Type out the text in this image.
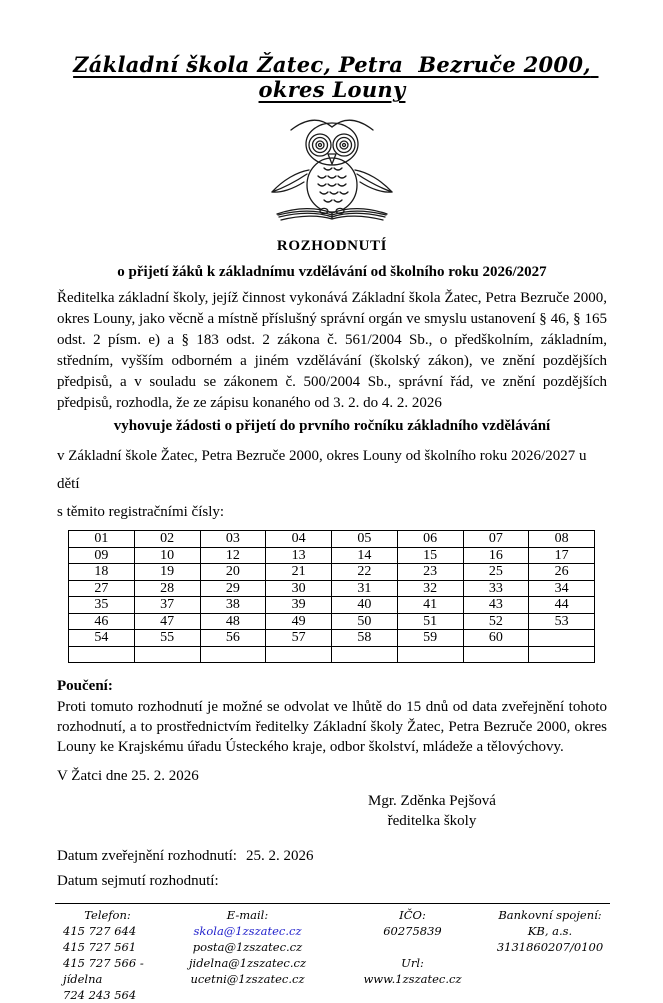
Základní škola Žatec, Petra  Bezruče 2000, okres Louny
ROZHODNUTÍ
o přijetí žáků k základnímu vzdělávání od školního roku 2026/2027
Ředitelka základní školy, jejíž činnost vykonává Základní škola Žatec, Petra Bezruče 2000, okres Louny, jako věcně a místně příslušný správní orgán ve smyslu ustanovení § 46, § 165 odst. 2 písm. e) a § 183 odst. 2 zákona č. 561/2004 Sb., o předškolním, základním, středním, vyšším odborném a jiném vzdělávání (školský zákon), ve znění pozdějších předpisů, a v souladu se zákonem č. 500/2004 Sb., správní řád, ve znění pozdějších předpisů, rozhodla, že ze zápisu konaného od 3. 2. do 4. 2. 2026
vyhovuje žádosti o přijetí do prvního ročníku základního vzdělávání
v Základní škole Žatec, Petra Bezruče 2000, okres Louny od školního roku 2026/2027 u dětí
s těmito registračními čísly:
01	02	03	04	05	06	07	08
09	10	12	13	14	15	16	17
18	19	20	21	22	23	25	26
27	28	29	30	31	32	33	34
35	37	38	39	40	41	43	44
46	47	48	49	50	51	52	53
54	55	56	57	58	59	60	

Poučení:
Proti tomuto rozhodnutí je možné se odvolat ve lhůtě do 15 dnů od data zveřejnění tohoto rozhodnutí, a to prostřednictvím ředitelky Základní školy Žatec, Petra Bezruče 2000, okres Louny ke Krajskému úřadu Ústeckého kraje, odbor školství, mládeže a tělovýchovy.
V Žatci dne 25. 2. 2026
Mgr. Zděnka Pejšová
ředitelka školy
Datum zveřejnění rozhodnutí: 25. 2. 2026
Datum sejmutí rozhodnutí:
Telefon:
415 727 644
415 727 561
415 727 566 - jídelna
724 243 564
E-mail:
skola@1zszatec.cz
posta@1zszatec.cz
jidelna@1zszatec.cz
ucetni@1zszatec.cz
IČO:
60275839

Url:
www.1zszatec.cz
Bankovní spojení:
KB, a.s.
3131860207/0100
